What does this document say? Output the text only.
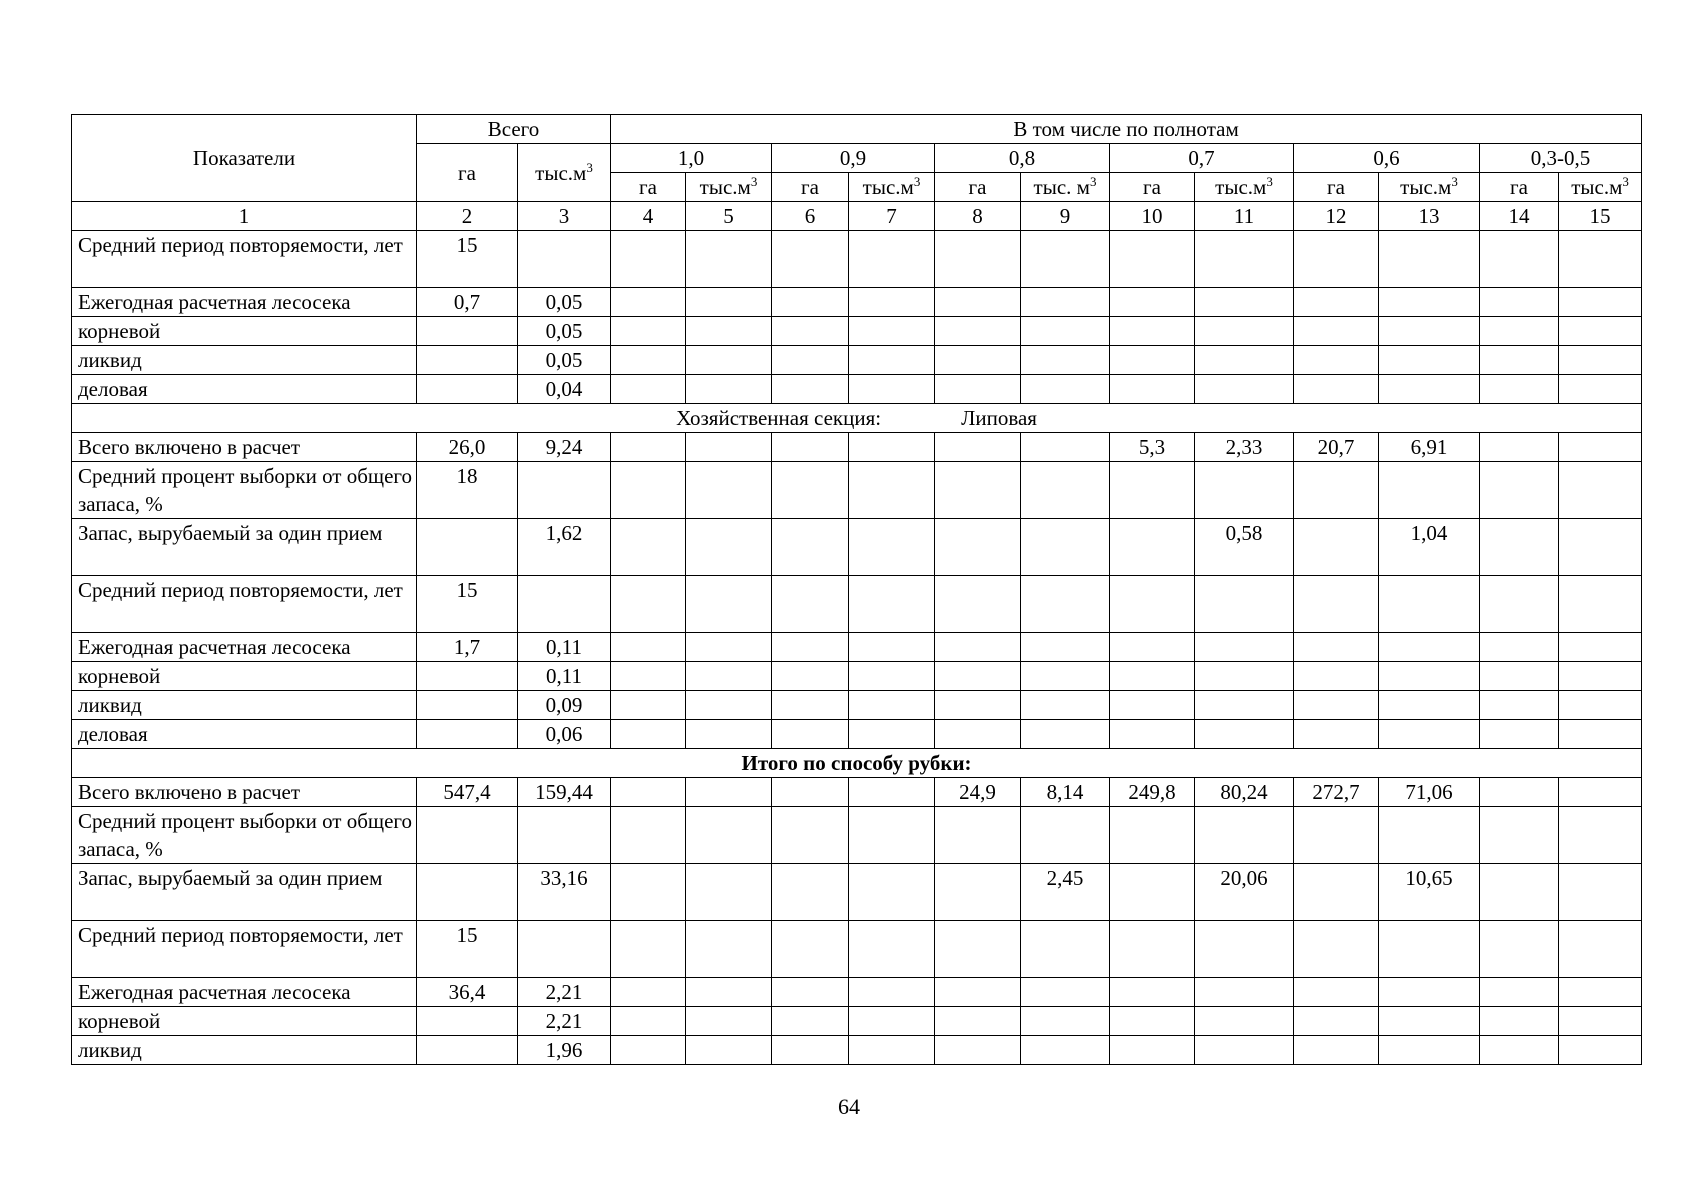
Показатели	Всего		В том числе по полнотам											
	га	$тыс.м^3$	1,0		0,9		0,8		0,7		0,6		0,3-0,5	
			га	$тыс.м^3$	га	$тыс.м^3$	га	тыс. $м^3$	га	$тыс.м^3$	га	$тыс.м^3$	га	$тыс.м^3$
1	2	3	4	5	6	7	8	9	10	11	12	13	14	15
Средний период повторяемости, лет	15													
Ежегодная расчетная лесосека	0,7	0,05												
корневой		0,05												
ликвид		0,05												
деловая		0,04												
Хозяйственная секция: Липовая														
Всего включено в расчет	26,0	9,24							5,3	2,33	20,7	6,91		
Средний процент выборки от общего запаса, %	18													
Запас, вырубаемый за один прием		1,62								0,58		1,04		
Средний период повторяемости, лет	15													
Ежегодная расчетная лесосека	1,7	0,11												
корневой		0,11												
ликвид		0,09												
деловая		0,06												
Итого по способу рубки:														
Всего включено в расчет	547,4	159,44					24,9	8,14	249,8	80,24	272,7	71,06		
Средний процент выборки от общего запаса, %														
Запас, вырубаемый за один прием		33,16						2,45		20,06		10,65		
Средний период повторяемости, лет	15													
Ежегодная расчетная лесосека	36,4	2,21												
корневой		2,21												
ликвид		1,96												
64
